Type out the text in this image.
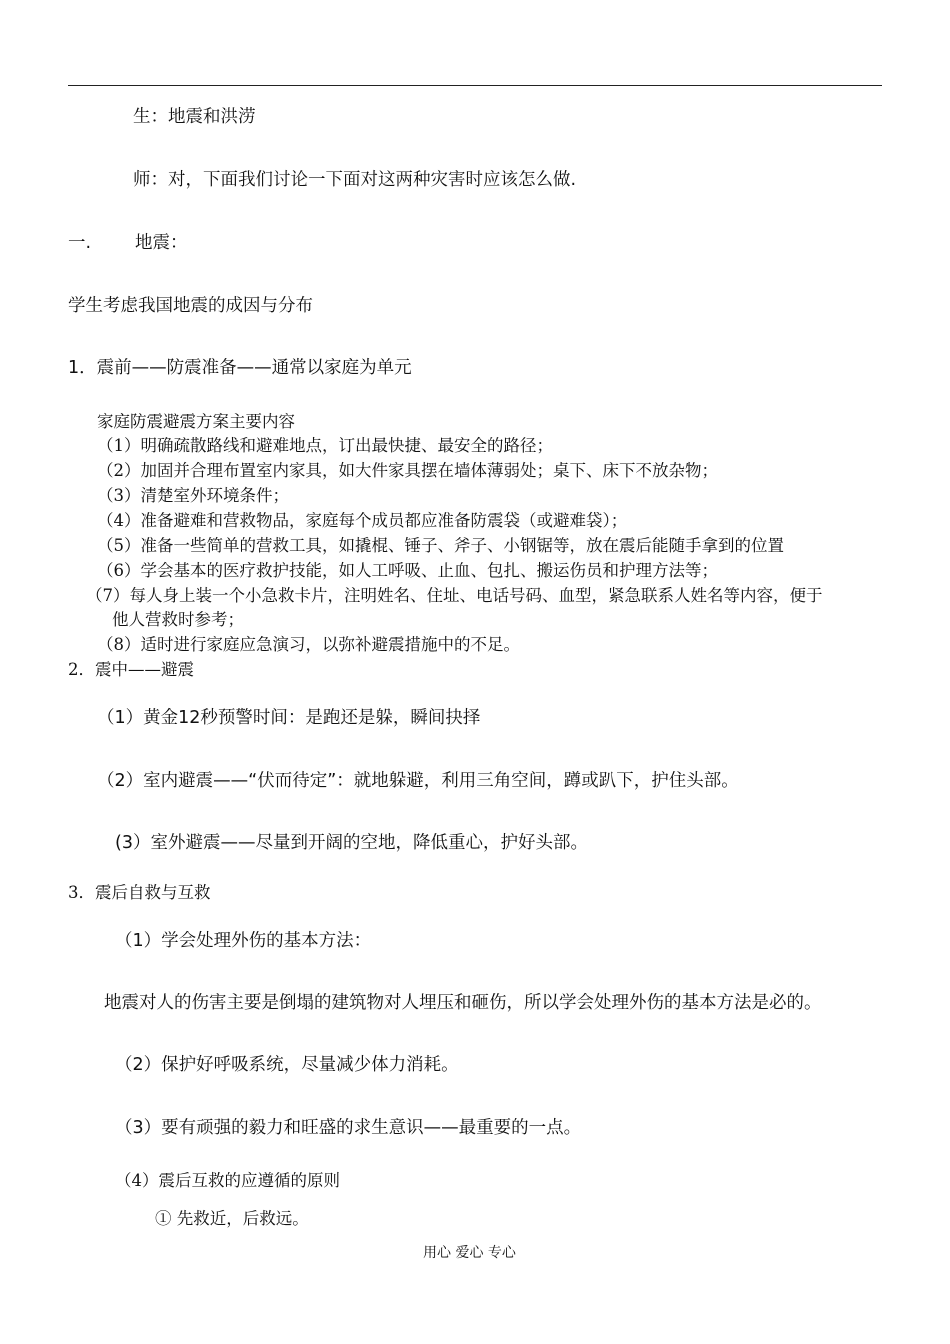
生：地震和洪涝
师：对，下面我们讨论一下面对这两种灾害时应该怎么做.
一.	地震：
学生考虑我国地震的成因与分布
1．震前——防震准备——通常以家庭为单元
家庭防震避震方案主要内容
（1）明确疏散路线和避难地点，订出最快捷、最安全的路径；
（2）加固并合理布置室内家具，如大件家具摆在墙体薄弱处；桌下、床下不放杂物；
（3）清楚室外环境条件；
（4）准备避难和营救物品，家庭每个成员都应准备防震袋（或避难袋）；
（5）准备一些简单的营救工具，如撬棍、锤子、斧子、小钢锯等，放在震后能随手拿到的位置
（6）学会基本的医疗救护技能，如人工呼吸、止血、包扎、搬运伤员和护理方法等；
（7）每人身上装一个小急救卡片，注明姓名、住址、电话号码、血型，紧急联系人姓名等内容，便于
他人营救时参考；
（8）适时进行家庭应急演习，以弥补避震措施中的不足。
2．震中——避震
（1）黄金12秒预警时间：是跑还是躲，瞬间抉择
（2）室内避震——“伏而待定”：就地躲避，利用三角空间，蹲或趴下，护住头部。
(3）室外避震——尽量到开阔的空地，降低重心，护好头部。
3．震后自救与互救
（1）学会处理外伤的基本方法：
地震对人的伤害主要是倒塌的建筑物对人埋压和砸伤，所以学会处理外伤的基本方法是必的。
（2）保护好呼吸系统，尽量减少体力消耗。
（3）要有顽强的毅力和旺盛的求生意识——最重要的一点。
（4）震后互救的应遵循的原则
① 先救近，后救远。
用心 爱心 专心
